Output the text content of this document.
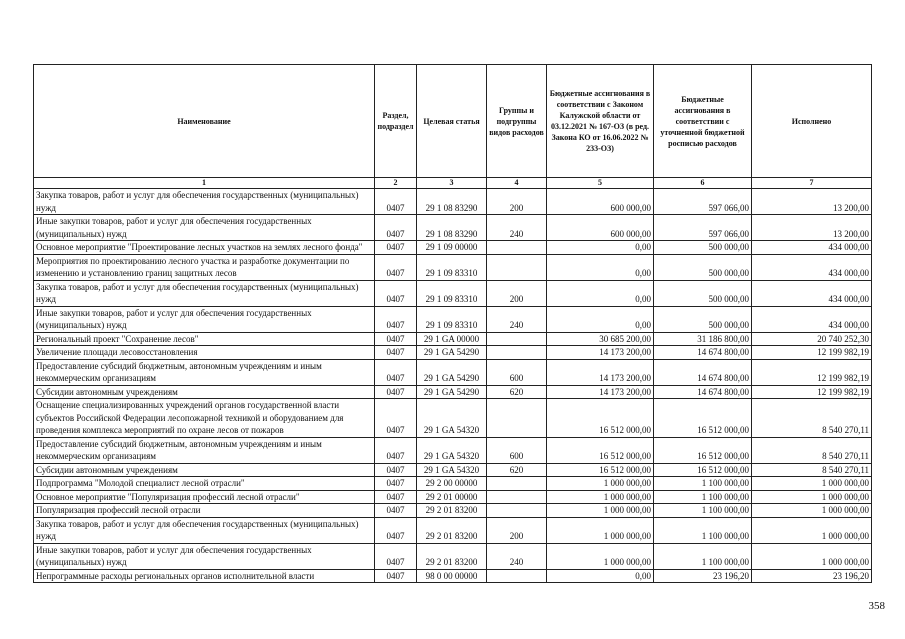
Наименование	Раздел, подраздел	Целевая статья	Группы и подгруппы видов расходов	Бюджетные ассигнования в соответствии с Законом Калужской области от 03.12.2021 № 167-ОЗ (в ред. Закона КО от 16.06.2022 № 233-ОЗ)	Бюджетные ассигнования в соответствии с уточненной бюджетной росписью расходов	Исполнено
1	2	3	4	5	6	7
Закупка товаров, работ и услуг для обеспечения государственных (муниципальных) нужд	0407	29 1 08 83290	200	600 000,00	597 066,00	13 200,00
Иные закупки товаров, работ и услуг для обеспечения государственных (муниципальных) нужд	0407	29 1 08 83290	240	600 000,00	597 066,00	13 200,00
Основное мероприятие "Проектирование лесных участков на землях лесного фонда"	0407	29 1 09 00000		0,00	500 000,00	434 000,00
Мероприятия по проектированию лесного участка и разработке документации по изменению и установлению границ защитных лесов	0407	29 1 09 83310		0,00	500 000,00	434 000,00
Закупка товаров, работ и услуг для обеспечения государственных (муниципальных) нужд	0407	29 1 09 83310	200	0,00	500 000,00	434 000,00
Иные закупки товаров, работ и услуг для обеспечения государственных (муниципальных) нужд	0407	29 1 09 83310	240	0,00	500 000,00	434 000,00
Региональный проект "Сохранение лесов"	0407	29 1 GA 00000		30 685 200,00	31 186 800,00	20 740 252,30
Увеличение площади лесовосстановления	0407	29 1 GA 54290		14 173 200,00	14 674 800,00	12 199 982,19
Предоставление субсидий бюджетным, автономным учреждениям и иным некоммерческим организациям	0407	29 1 GA 54290	600	14 173 200,00	14 674 800,00	12 199 982,19
Субсидии автономным учреждениям	0407	29 1 GA 54290	620	14 173 200,00	14 674 800,00	12 199 982,19
Оснащение специализированных учреждений органов государственной власти субъектов Российской Федерации лесопожарной техникой и оборудованием для проведения комплекса мероприятий по охране лесов от пожаров	0407	29 1 GA 54320		16 512 000,00	16 512 000,00	8 540 270,11
Предоставление субсидий бюджетным, автономным учреждениям и иным некоммерческим организациям	0407	29 1 GA 54320	600	16 512 000,00	16 512 000,00	8 540 270,11
Субсидии автономным учреждениям	0407	29 1 GA 54320	620	16 512 000,00	16 512 000,00	8 540 270,11
Подпрограмма "Молодой специалист лесной отрасли"	0407	29 2 00 00000		1 000 000,00	1 100 000,00	1 000 000,00
Основное мероприятие "Популяризация профессий лесной отрасли"	0407	29 2 01 00000		1 000 000,00	1 100 000,00	1 000 000,00
Популяризация профессий лесной отрасли	0407	29 2 01 83200		1 000 000,00	1 100 000,00	1 000 000,00
Закупка товаров, работ и услуг для обеспечения государственных (муниципальных) нужд	0407	29 2 01 83200	200	1 000 000,00	1 100 000,00	1 000 000,00
Иные закупки товаров, работ и услуг для обеспечения государственных (муниципальных) нужд	0407	29 2 01 83200	240	1 000 000,00	1 100 000,00	1 000 000,00
Непрограммные расходы региональных органов исполнительной власти	0407	98 0 00 00000		0,00	23 196,20	23 196,20
358
